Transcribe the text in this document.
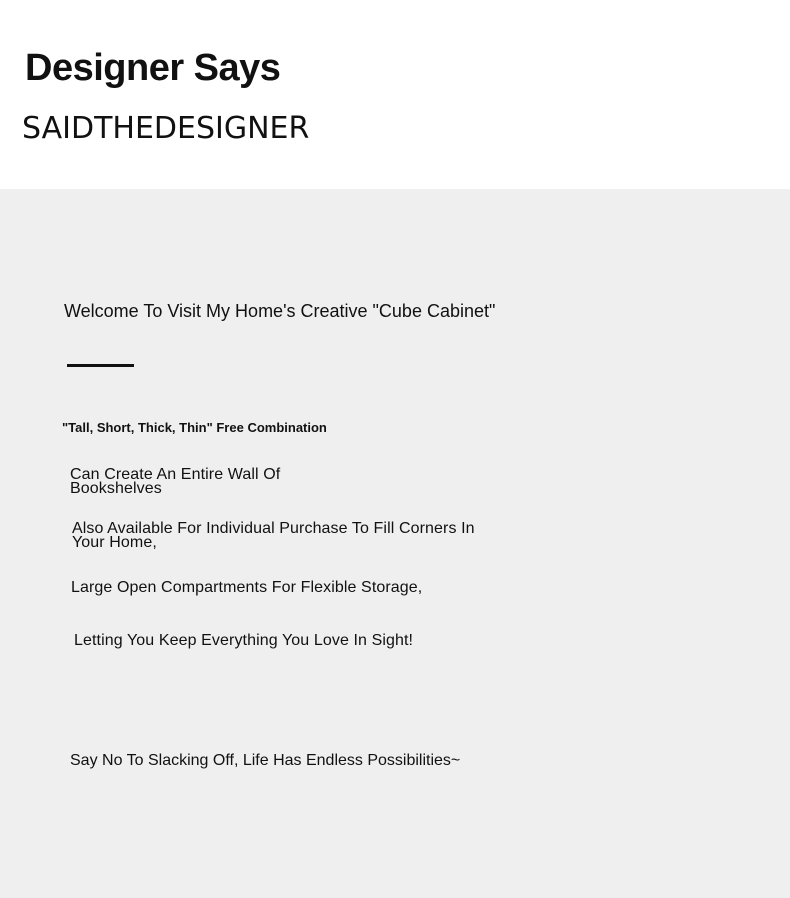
Designer Says
SAIDTHEDESIGNER
Welcome To Visit My Home's Creative "Cube Cabinet"
"Tall, Short, Thick, Thin" Free Combination
Can Create An Entire Wall Of Bookshelves
Also Available For Individual Purchase To Fill Corners In Your Home,
Large Open Compartments For Flexible Storage,
Letting You Keep Everything You Love In Sight!
Say No To Slacking Off, Life Has Endless Possibilities~
